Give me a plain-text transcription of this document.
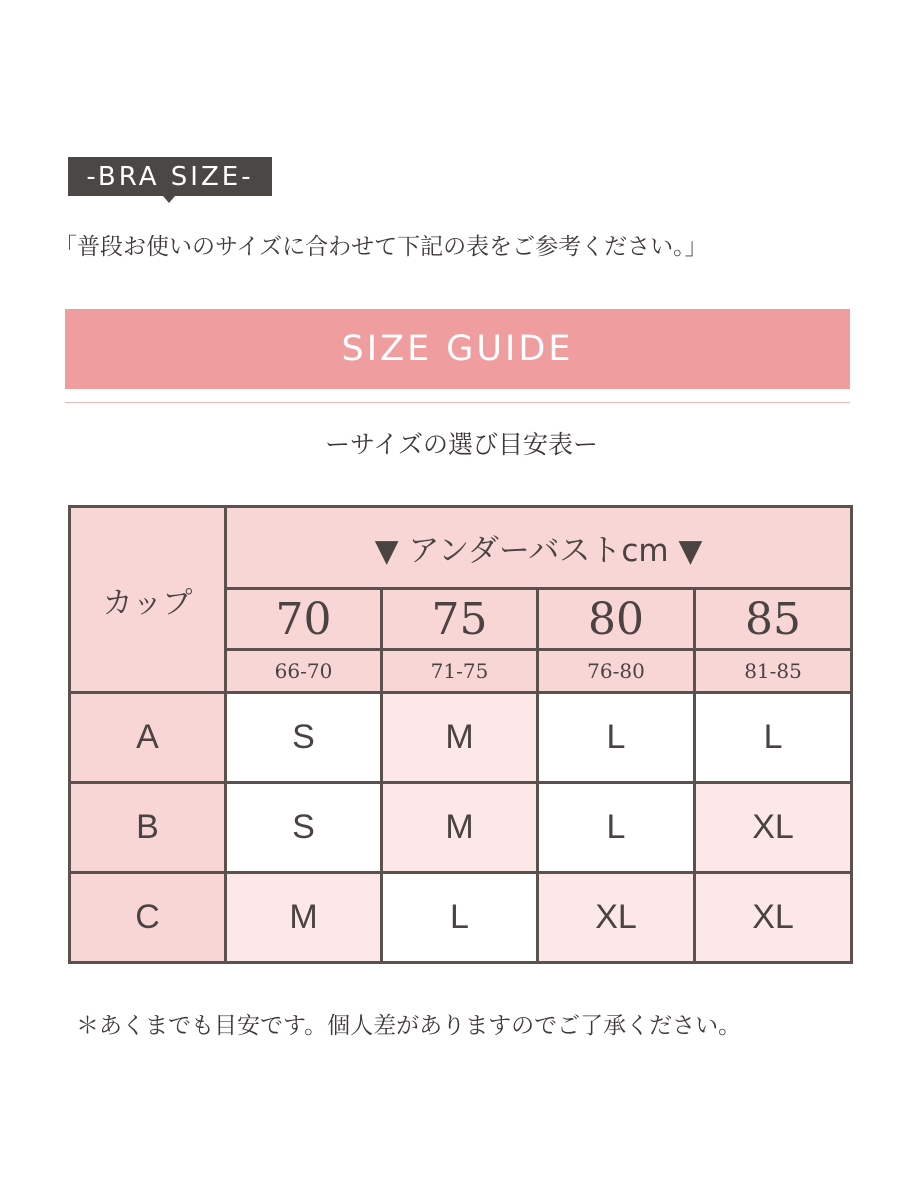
-BRA SIZE-
「普段お使いのサイズに合わせて下記の表をご参考ください。」
SIZE GUIDE
ーサイズの選び目安表ー
カップ	▼ アンダーバストcm ▼			
	70	75	80	85
	66-70	71-75	76-80	81-85
A	S	M	L	L
B	S	M	L	XL
C	M	L	XL	XL
＊あくまでも目安です。個人差がありますのでご了承ください。
